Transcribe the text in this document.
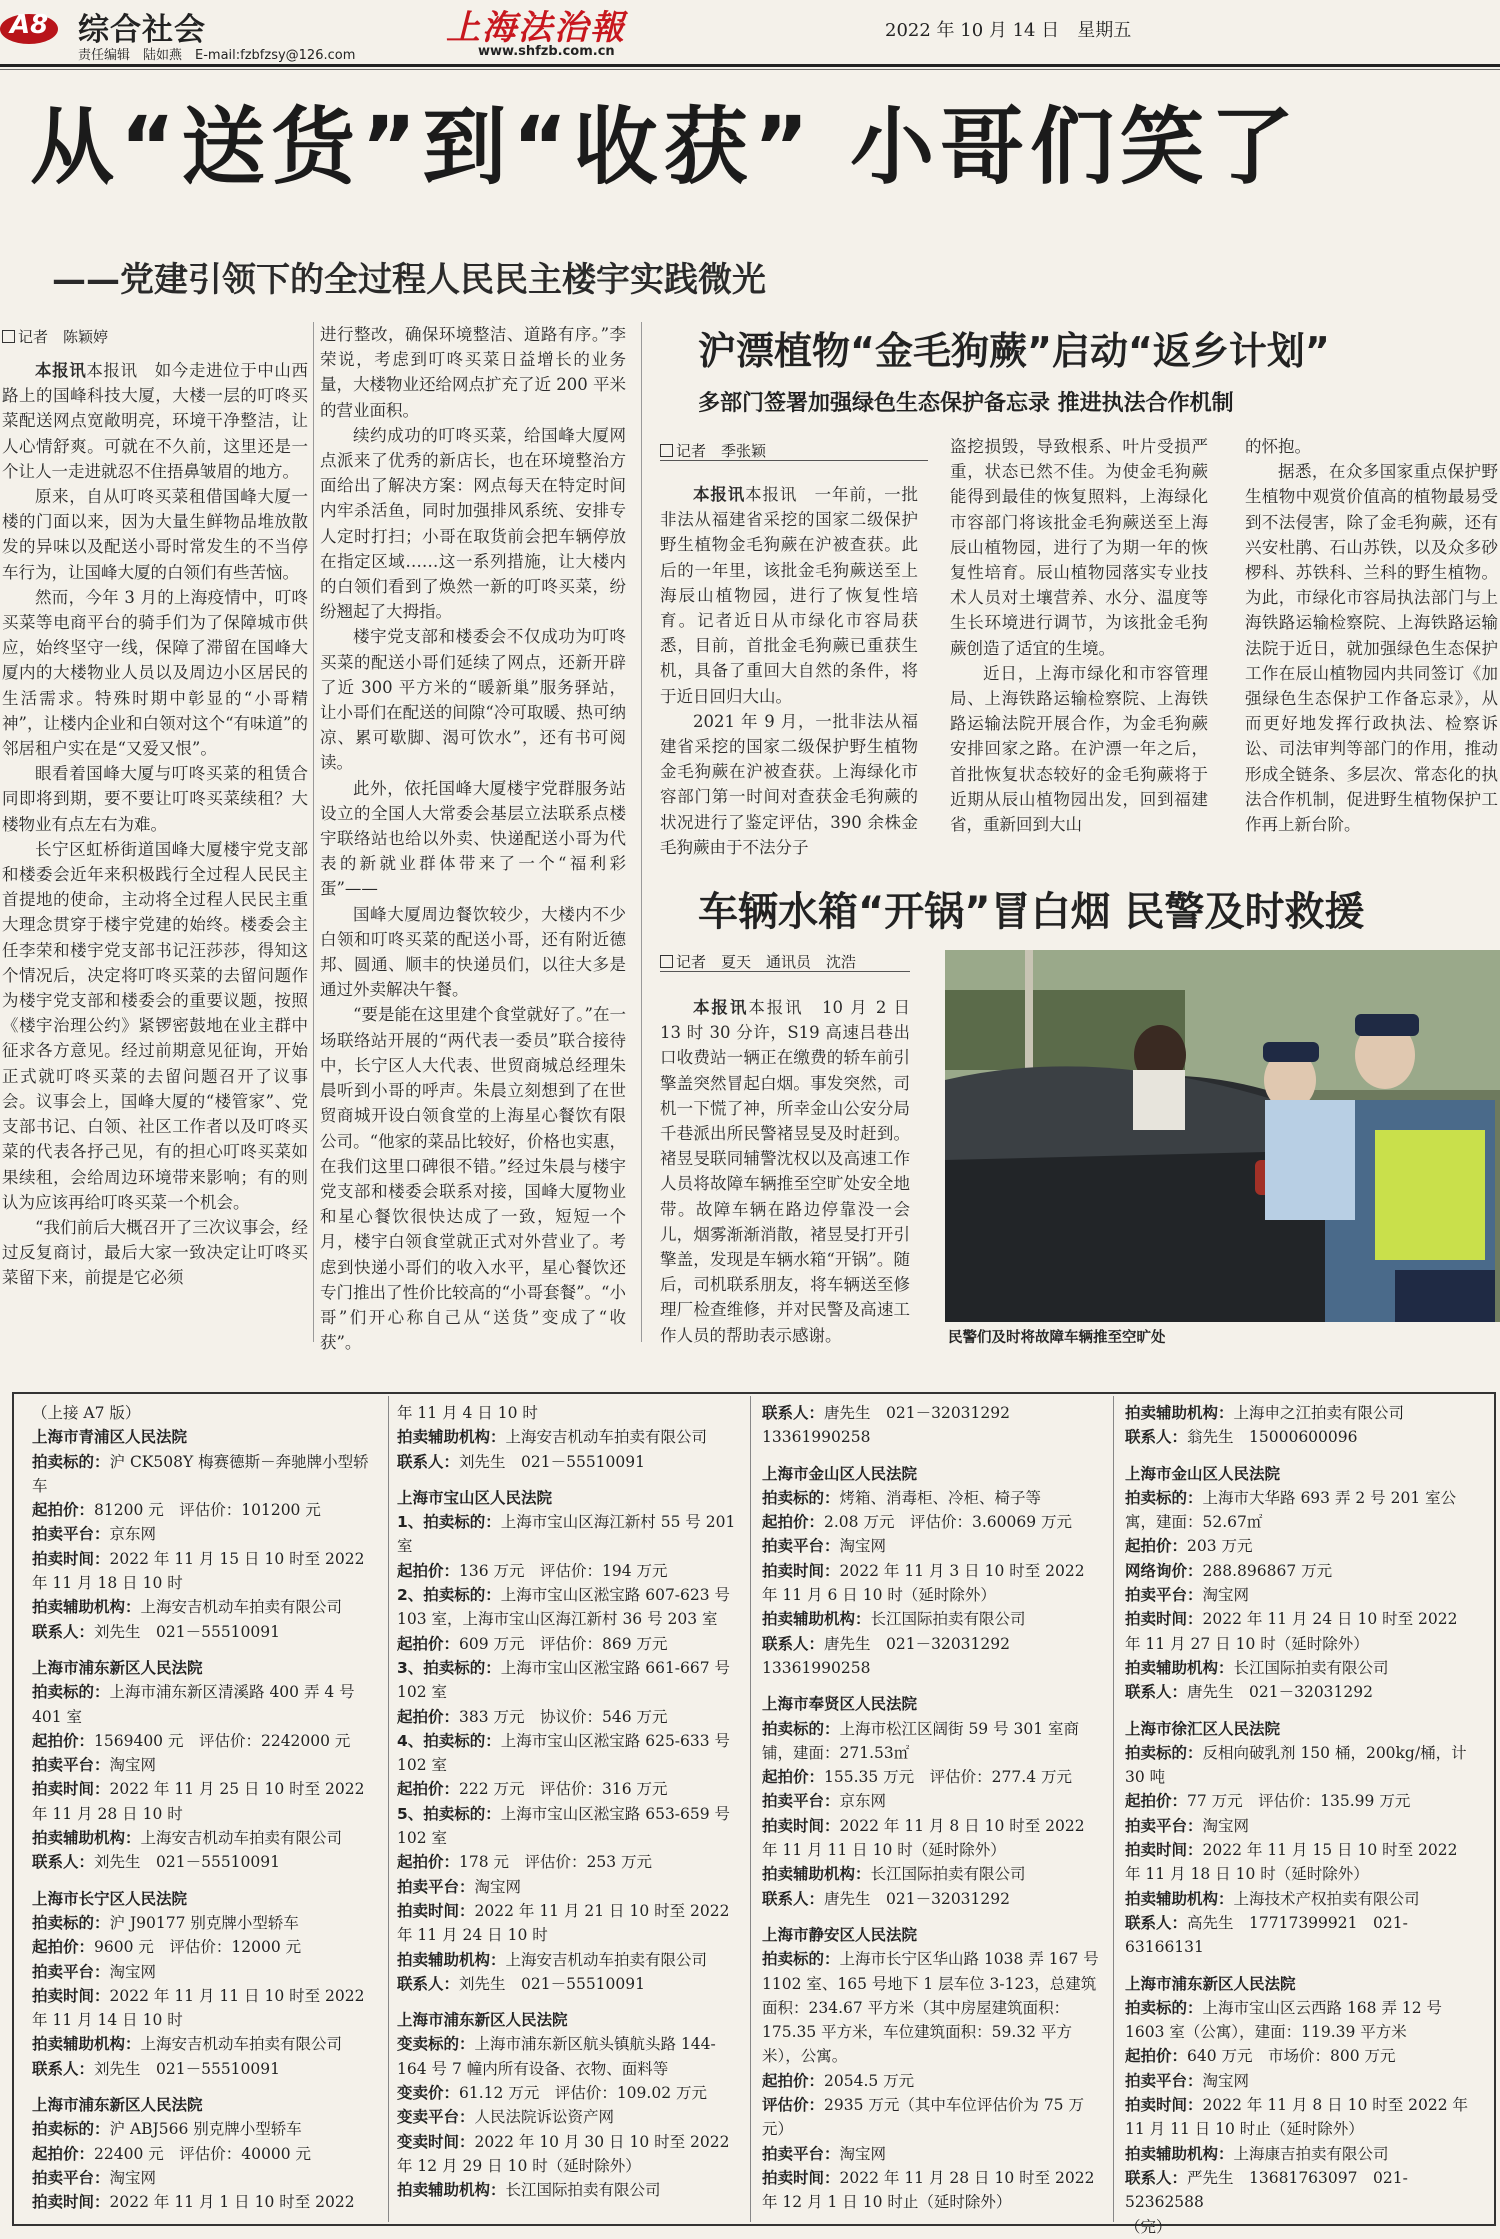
A8 综合社会
责任编辑　陆如燕　E-mail:fzbfzsy@126.com
上海法治報
www.shfzb.com.cn
2022 年 10 月 14 日　星期五
从“送货”到“收获” 小哥们笑了
——党建引领下的全过程人民民主楼宇实践微光
记者　陈颖婷

本报讯本报讯　如今走进位于中山西路上的国峰科技大厦，大楼一层的叮咚买菜配送网点宽敞明亮，环境干净整洁，让人心情舒爽。可就在不久前，这里还是一个让人一走进就忍不住捂鼻皱眉的地方。

原来，自从叮咚买菜租借国峰大厦一楼的门面以来，因为大量生鲜物品堆放散发的异味以及配送小哥时常发生的不当停车行为，让国峰大厦的白领们有些苦恼。

然而，今年 3 月的上海疫情中，叮咚买菜等电商平台的骑手们为了保障城市供应，始终坚守一线，保障了滞留在国峰大厦内的大楼物业人员以及周边小区居民的生活需求。特殊时期中彰显的“小哥精神”，让楼内企业和白领对这个“有味道”的邻居租户实在是“又爱又恨”。

眼看着国峰大厦与叮咚买菜的租赁合同即将到期，要不要让叮咚买菜续租？大楼物业有点左右为难。

长宁区虹桥街道国峰大厦楼宇党支部和楼委会近年来积极践行全过程人民民主首提地的使命，主动将全过程人民民主重大理念贯穿于楼宇党建的始终。楼委会主任李荣和楼宇党支部书记汪莎莎，得知这个情况后，决定将叮咚买菜的去留问题作为楼宇党支部和楼委会的重要议题，按照《楼宇治理公约》紧锣密鼓地在业主群中征求各方意见。经过前期意见征询，开始正式就叮咚买菜的去留问题召开了议事会。议事会上，国峰大厦的“楼管家”、党支部书记、白领、社区工作者以及叮咚买菜的代表各抒己见，有的担心叮咚买菜如果续租，会给周边环境带来影响；有的则认为应该再给叮咚买菜一个机会。

“我们前后大概召开了三次议事会，经过反复商讨，最后大家一致决定让叮咚买菜留下来，前提是它必须

进行整改，确保环境整洁、道路有序。”李荣说，考虑到叮咚买菜日益增长的业务量，大楼物业还给网点扩充了近 200 平米的营业面积。

续约成功的叮咚买菜，给国峰大厦网点派来了优秀的新店长，也在环境整治方面给出了解决方案：网点每天在特定时间内牢杀活鱼，同时加强排风系统、安排专人定时打扫；小哥在取货前会把车辆停放在指定区域……这一系列措施，让大楼内的白领们看到了焕然一新的叮咚买菜，纷纷翘起了大拇指。

楼宇党支部和楼委会不仅成功为叮咚买菜的配送小哥们延续了网点，还新开辟了近 300 平方米的“暖新巢”服务驿站，让小哥们在配送的间隙“冷可取暖、热可纳凉、累可歇脚、渴可饮水”，还有书可阅读。

此外，依托国峰大厦楼宇党群服务站设立的全国人大常委会基层立法联系点楼宇联络站也给以外卖、快递配送小哥为代表的新就业群体带来了一个“福利彩蛋”——

国峰大厦周边餐饮较少，大楼内不少白领和叮咚买菜的配送小哥，还有附近德邦、圆通、顺丰的快递员们，以往大多是通过外卖解决午餐。

“要是能在这里建个食堂就好了。”在一场联络站开展的“两代表一委员”联合接待中，长宁区人大代表、世贸商城总经理朱晨听到小哥的呼声。朱晨立刻想到了在世贸商城开设白领食堂的上海星心餐饮有限公司。“他家的菜品比较好，价格也实惠，在我们这里口碑很不错。”经过朱晨与楼宇党支部和楼委会联系对接，国峰大厦物业和星心餐饮很快达成了一致，短短一个月，楼宇白领食堂就正式对外营业了。考虑到快递小哥们的收入水平，星心餐饮还专门推出了性价比较高的“小哥套餐”。“小哥”们开心称自己从“送货”变成了“收获”。

沪漂植物“金毛狗蕨”启动“返乡计划”
多部门签署加强绿色生态保护备忘录 推进执法合作机制
记者　季张颖

本报讯本报讯　一年前，一批非法从福建省采挖的国家二级保护野生植物金毛狗蕨在沪被查获。此后的一年里，该批金毛狗蕨送至上海辰山植物园，进行了恢复性培育。记者近日从市绿化市容局获悉，目前，首批金毛狗蕨已重获生机，具备了重回大自然的条件，将于近日回归大山。

2021 年 9 月，一批非法从福建省采挖的国家二级保护野生植物金毛狗蕨在沪被查获。上海绿化市容部门第一时间对查获金毛狗蕨的状况进行了鉴定评估，390 余株金毛狗蕨由于不法分子

盗挖损毁，导致根系、叶片受损严重，状态已然不佳。为使金毛狗蕨能得到最佳的恢复照料，上海绿化市容部门将该批金毛狗蕨送至上海辰山植物园，进行了为期一年的恢复性培育。辰山植物园落实专业技术人员对土壤营养、水分、温度等生长环境进行调节，为该批金毛狗蕨创造了适宜的生境。

近日，上海市绿化和市容管理局、上海铁路运输检察院、上海铁路运输法院开展合作，为金毛狗蕨安排回家之路。在沪漂一年之后，首批恢复状态较好的金毛狗蕨将于近期从辰山植物园出发，回到福建省，重新回到大山

的怀抱。

据悉，在众多国家重点保护野生植物中观赏价值高的植物最易受到不法侵害，除了金毛狗蕨，还有兴安杜鹃、石山苏铁，以及众多砂椤科、苏铁科、兰科的野生植物。为此，市绿化市容局执法部门与上海铁路运输检察院、上海铁路运输法院于近日，就加强绿色生态保护工作在辰山植物园内共同签订《加强绿色生态保护工作备忘录》，从而更好地发挥行政执法、检察诉讼、司法审判等部门的作用，推动形成全链条、多层次、常态化的执法合作机制，促进野生植物保护工作再上新台阶。

车辆水箱“开锅”冒白烟 民警及时救援
记者　夏天　通讯员　沈浩

本报讯本报讯　10 月 2 日 13 时 30 分许，S19 高速吕巷出口收费站一辆正在缴费的轿车前引擎盖突然冒起白烟。事发突然，司机一下慌了神，所幸金山公安分局千巷派出所民警褚昱旻及时赶到。褚昱旻联同辅警沈权以及高速工作人员将故障车辆推至空旷处安全地带。故障车辆在路边停靠没一会儿，烟雾渐渐消散，褚昱旻打开引擎盖，发现是车辆水箱“开锅”。随后，司机联系朋友，将车辆送至修理厂检查维修，并对民警及高速工作人员的帮助表示感谢。	民警们及时将故障车辆推至空旷处
（上接 A7 版）
上海市青浦区人民法院
拍卖标的：沪 CK508Y 梅赛德斯－奔驰牌小型轿车
起拍价：81200 元　评估价：101200 元
拍卖平台：京东网
拍卖时间：2022 年 11 月 15 日 10 时至 2022 年 11 月 18 日 10 时
拍卖辅助机构：上海安吉机动车拍卖有限公司
联系人：刘先生　021－55510091
上海市浦东新区人民法院
拍卖标的：上海市浦东新区清溪路 400 弄 4 号 401 室
起拍价：1569400 元　评估价：2242000 元
拍卖平台：淘宝网
拍卖时间：2022 年 11 月 25 日 10 时至 2022 年 11 月 28 日 10 时
拍卖辅助机构：上海安吉机动车拍卖有限公司
联系人：刘先生　021－55510091
上海市长宁区人民法院
拍卖标的：沪 J90177 别克牌小型轿车
起拍价：9600 元　评估价：12000 元
拍卖平台：淘宝网
拍卖时间：2022 年 11 月 11 日 10 时至 2022 年 11 月 14 日 10 时
拍卖辅助机构：上海安吉机动车拍卖有限公司
联系人：刘先生　021－55510091
上海市浦东新区人民法院
拍卖标的：沪 ABJ566 别克牌小型轿车
起拍价：22400 元　评估价：40000 元
拍卖平台：淘宝网
拍卖时间：2022 年 11 月 1 日 10 时至 2022
年 11 月 4 日 10 时
拍卖辅助机构：上海安吉机动车拍卖有限公司
联系人：刘先生　021－55510091
上海市宝山区人民法院
1、拍卖标的：上海市宝山区海江新村 55 号 201 室
起拍价：136 万元　评估价：194 万元
2、拍卖标的：上海市宝山区淞宝路 607-623 号 103 室，上海市宝山区海江新村 36 号 203 室
起拍价：609 万元　评估价：869 万元
3、拍卖标的：上海市宝山区淞宝路 661-667 号 102 室
起拍价：383 万元　协议价：546 万元
4、拍卖标的：上海市宝山区淞宝路 625-633 号 102 室
起拍价：222 万元　评估价：316 万元
5、拍卖标的：上海市宝山区淞宝路 653-659 号 102 室
起拍价：178 元　评估价：253 万元
拍卖平台：淘宝网
拍卖时间：2022 年 11 月 21 日 10 时至 2022 年 11 月 24 日 10 时
拍卖辅助机构：上海安吉机动车拍卖有限公司
联系人：刘先生　021－55510091
上海市浦东新区人民法院
变卖标的：上海市浦东新区航头镇航头路 144-164 号 7 幢内所有设备、衣物、面料等
变卖价：61.12 万元　评估价：109.02 万元
变卖平台：人民法院诉讼资产网
变卖时间：2022 年 10 月 30 日 10 时至 2022 年 12 月 29 日 10 时（延时除外）
拍卖辅助机构：长江国际拍卖有限公司
联系人：唐先生　021－32031292　13361990258
上海市金山区人民法院
拍卖标的：烤箱、消毒柜、冷柜、椅子等
起拍价：2.08 万元　评估价：3.60069 万元
拍卖平台：淘宝网
拍卖时间：2022 年 11 月 3 日 10 时至 2022 年 11 月 6 日 10 时（延时除外）
拍卖辅助机构：长江国际拍卖有限公司
联系人：唐先生　021－32031292　13361990258
上海市奉贤区人民法院
拍卖标的：上海市松江区阔街 59 号 301 室商铺，建面：271.53㎡
起拍价：155.35 万元　评估价：277.4 万元
拍卖平台：京东网
拍卖时间：2022 年 11 月 8 日 10 时至 2022 年 11 月 11 日 10 时（延时除外）
拍卖辅助机构：长江国际拍卖有限公司
联系人：唐先生　021－32031292
上海市静安区人民法院
拍卖标的：上海市长宁区华山路 1038 弄 167 号 1102 室、165 号地下 1 层车位 3-123，总建筑面积：234.67 平方米（其中房屋建筑面积：175.35 平方米，车位建筑面积：59.32 平方米），公寓。
起拍价：2054.5 万元
评估价：2935 万元（其中车位评估价为 75 万元）
拍卖平台：淘宝网
拍卖时间：2022 年 11 月 28 日 10 时至 2022 年 12 月 1 日 10 时止（延时除外）
拍卖辅助机构：上海申之江拍卖有限公司
联系人：翁先生　15000600096
上海市金山区人民法院
拍卖标的：上海市大华路 693 弄 2 号 201 室公寓，建面：52.67㎡
起拍价：203 万元
网络询价：288.896867 万元
拍卖平台：淘宝网
拍卖时间：2022 年 11 月 24 日 10 时至 2022 年 11 月 27 日 10 时（延时除外）
拍卖辅助机构：长江国际拍卖有限公司
联系人：唐先生　021－32031292
上海市徐汇区人民法院
拍卖标的：反相向破乳剂 150 桶，200kg/桶，计 30 吨
起拍价：77 万元　评估价：135.99 万元
拍卖平台：淘宝网
拍卖时间：2022 年 11 月 15 日 10 时至 2022 年 11 月 18 日 10 时（延时除外）
拍卖辅助机构：上海技术产权拍卖有限公司
联系人：高先生　17717399921　021-63166131
上海市浦东新区人民法院
拍卖标的：上海市宝山区云西路 168 弄 12 号 1603 室（公寓），建面：119.39 平方米
起拍价：640 万元　市场价：800 万元
拍卖平台：淘宝网
拍卖时间：2022 年 11 月 8 日 10 时至 2022 年 11 月 11 日 10 时止（延时除外）
拍卖辅助机构：上海康吉拍卖有限公司
联系人：严先生　13681763097　021-52362588
（完）
